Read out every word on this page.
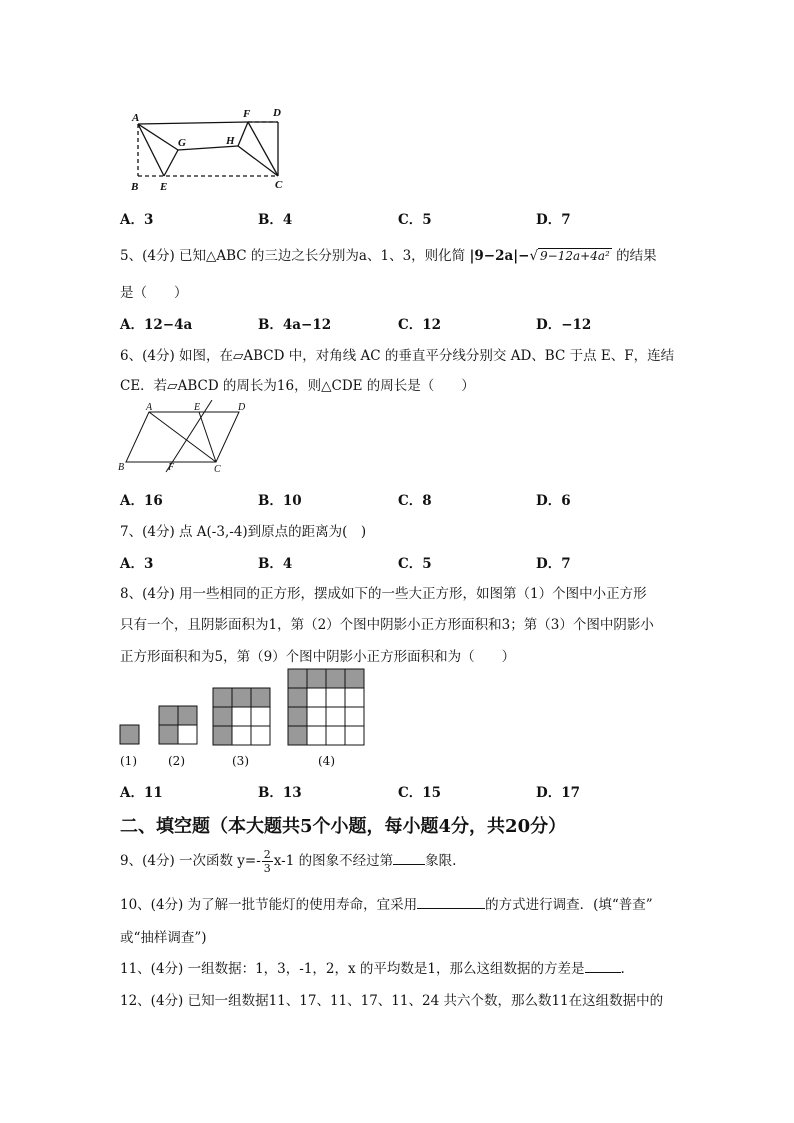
A
B E
G	H
F D
C
A．3	B．4	C．5	D．7
5、(4分) 已知△ABC 的三边之长分别为a、1、3，则化简 |9−2a|−√ 9−12a+4a² 的结果
是（　　）
A．12−4a	B．4a−12	C．12	D．−12
6、(4分) 如图，在▱ABCD 中，对角线 AC 的垂直平分线分别交 AD、BC 于点 E、F，连结
CE．若▱ABCD 的周长为16，则△CDE 的周长是（　　）
A	E	D
B	F	C
A．16	B．10	C．8	D．6
7、(4分) 点 A(-3,-4)到原点的距离为(　)
A．3	B．4	C．5	D．7
8、(4分) 用一些相同的正方形，摆成如下的一些大正方形，如图第（1）个图中小正方形
只有一个，且阴影面积为1，第（2）个图中阴影小正方形面积和3；第（3）个图中阴影小
正方形面积和为5，第（9）个图中阴影小正方形面积和为（　　）
(1)	(2)	(3)	(4)
A．11	B．13	C．15	D．17
二、填空题（本大题共5个小题，每小题4分，共20分）
9、(4分) 一次函数 $y=- \frac{2}{3} x-1$ 的图象不经过第 象限.
10、(4分) 为了解一批节能灯的使用寿命，宜采用	的方式进行调查．(填“普查”
或“抽样调查”)
11、(4分) 一组数据：1，3，-1，2，x 的平均数是1，那么这组数据的方差是	.
12、(4分) 已知一组数据11、17、11、17、11、24 共六个数，那么数11在这组数据中的
